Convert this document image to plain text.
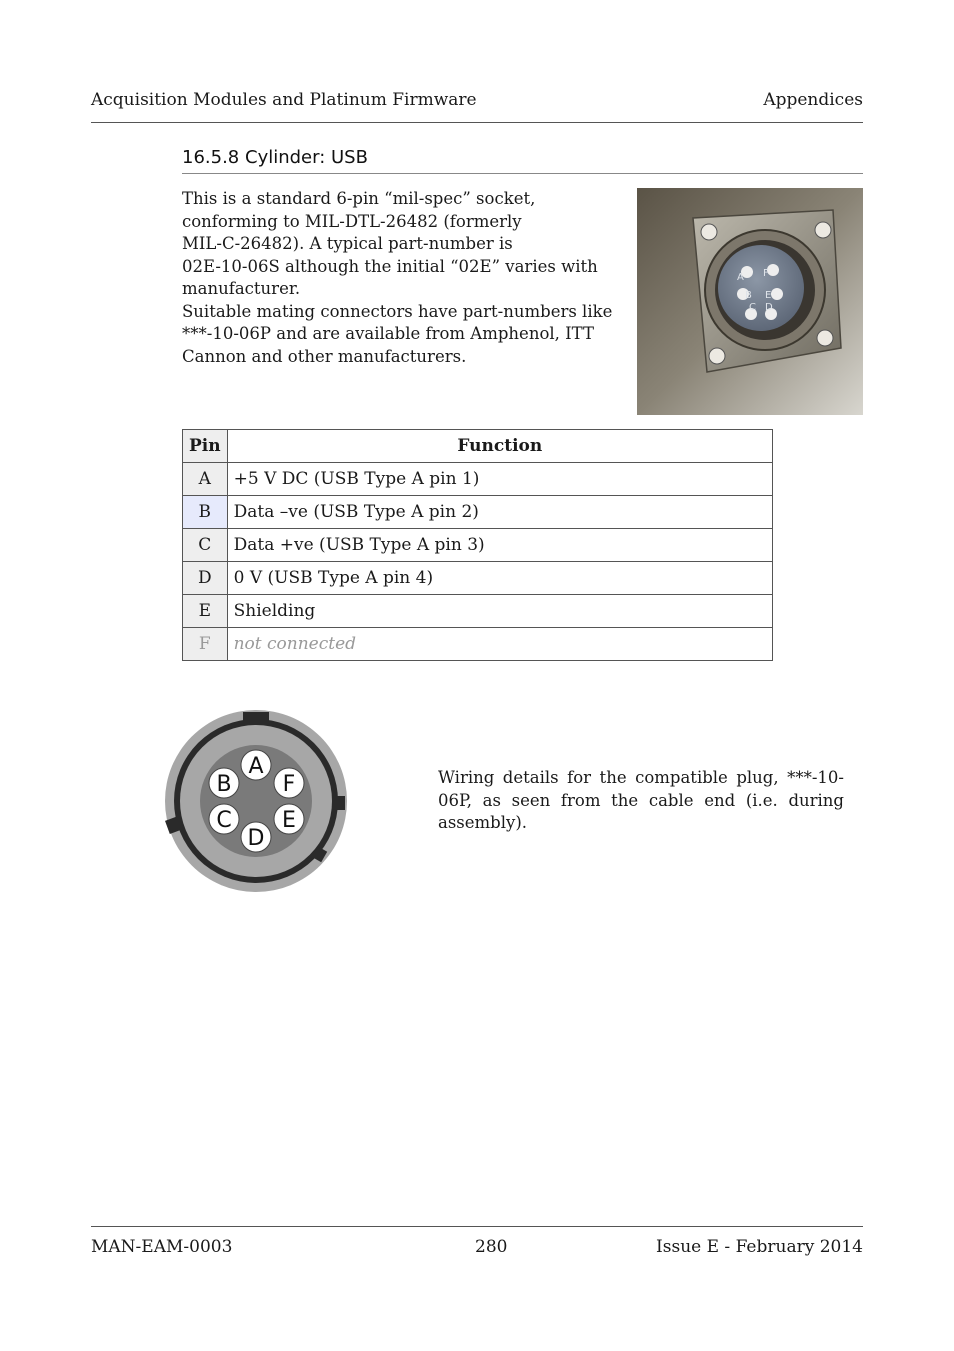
Acquisition Modules and Platinum Firmware	Appendices
16.5.8 Cylinder: USB

This is a standard 6-pin “mil-spec” socket,
conforming to MIL-DTL-26482 (formerly
MIL-C-26482). A typical part-number is
02E-10-06S although the initial “02E” varies with
manufacturer.

Suitable mating connectors have part-numbers like
***-10-06P and are available from Amphenol, ITT
Cannon and other manufacturers.

A F
B E
C D
Pin	Function
A	+5 V DC (USB Type A pin 1)
B	Data –ve (USB Type A pin 2)
C	Data +ve (USB Type A pin 3)
D	0 V (USB Type A pin 4)
E	Shielding
F	not connected
A
B F
C E
D
Wiring details for the compatible plug, ***-10-06P, as seen from the cable end (i.e. during assembly).
MAN-EAM-0003	280	Issue E - February 2014
